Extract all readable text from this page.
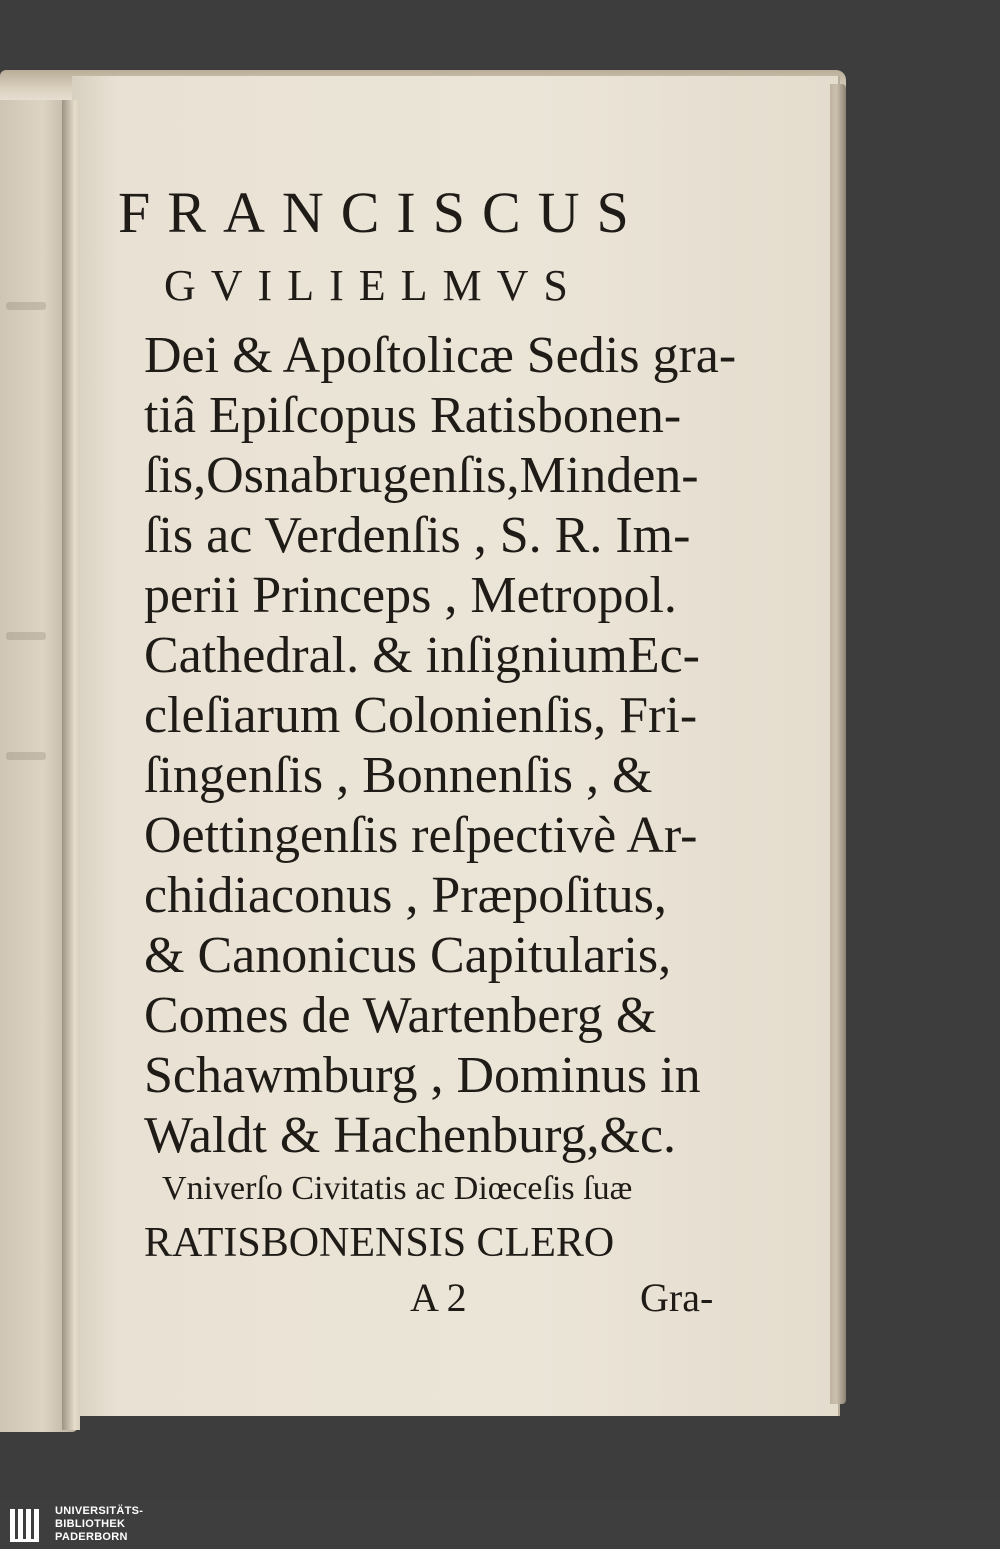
FRANCISCUS
GVILIELMVS
Dei & Apoſtolicæ Sedis gra-
tiâ Epiſcopus Ratisbonen-
ſis,Osnabrugenſis,Minden-
ſis ac Verdenſis , S. R. Im-
perii Princeps , Metropol.
Cathedral. & inſigniumEc-
cleſiarum Colonienſis, Fri-
ſingenſis , Bonnenſis , &
Oettingenſis reſpectivè Ar-
chidiaconus , Præpoſitus,
& Canonicus Capitularis,
Comes de Wartenberg &
Schawmburg , Dominus in
Waldt & Hachenburg,&c.
Vniverſo Civitatis ac Diœceſis ſuæ
RATISBONENSIS CLERO
A 2	Gra-
UNIVERSITÄTS-
BIBLIOTHEK
PADERBORN
